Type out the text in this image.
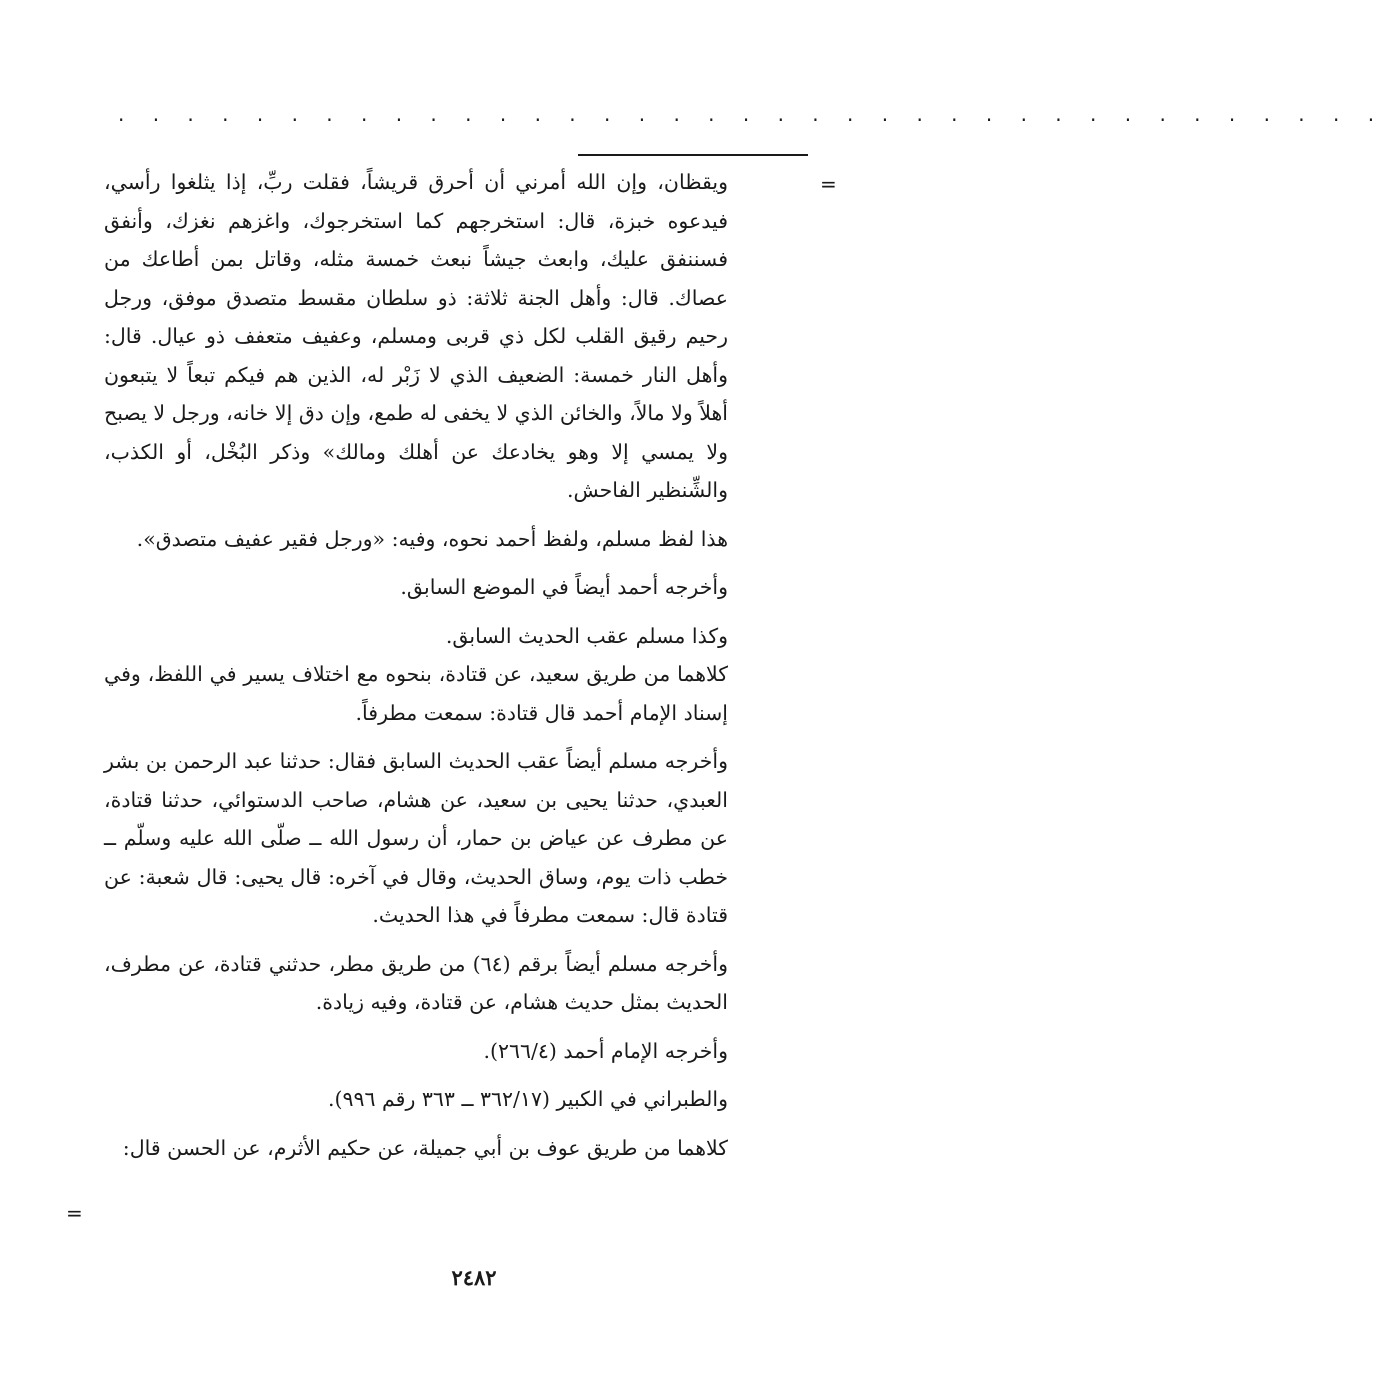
. . . . . . . . . . . . . . . . . . . . . . . . . . . . . . . . . . . . .
=

ويقظان، وإن الله أمرني أن أحرق قريشاً، فقلت ربِّ، إذا يثلغوا رأسي، فيدعوه خبزة، قال: استخرجهم كما استخرجوك، واغزهم نغزك، وأنفق فسننفق عليك، وابعث جيشاً نبعث خمسة مثله، وقاتل بمن أطاعك من عصاك. قال: وأهل الجنة ثلاثة: ذو سلطان مقسط متصدق موفق، ورجل رحيم رقيق القلب لكل ذي قربى ومسلم، وعفيف متعفف ذو عيال. قال: وأهل النار خمسة: الضعيف الذي لا زَبْر له، الذين هم فيكم تبعاً لا يتبعون أهلاً ولا مالاً، والخائن الذي لا يخفى له طمع، وإن دق إلا خانه، ورجل لا يصبح ولا يمسي إلا وهو يخادعك عن أهلك ومالك» وذكر البُخْل، أو الكذب، والشِّنظير الفاحش.

هذا لفظ مسلم، ولفظ أحمد نحوه، وفيه: «ورجل فقير عفيف متصدق».

وأخرجه أحمد أيضاً في الموضع السابق.

وكذا مسلم عقب الحديث السابق.

كلاهما من طريق سعيد، عن قتادة، بنحوه مع اختلاف يسير في اللفظ، وفي إسناد الإمام أحمد قال قتادة: سمعت مطرفاً.

وأخرجه مسلم أيضاً عقب الحديث السابق فقال: حدثنا عبد الرحمن بن بشر العبدي، حدثنا يحيى بن سعيد، عن هشام، صاحب الدستوائي، حدثنا قتادة، عن مطرف عن عياض بن حمار، أن رسول الله ــ صلّى الله عليه وسلّم ــ خطب ذات يوم، وساق الحديث، وقال في آخره: قال يحيى: قال شعبة: عن قتادة قال: سمعت مطرفاً في هذا الحديث.

وأخرجه مسلم أيضاً برقم (٦٤) من طريق مطر، حدثني قتادة، عن مطرف، الحديث بمثل حديث هشام، عن قتادة، وفيه زيادة.

وأخرجه الإمام أحمد (٢٦٦/٤).

والطبراني في الكبير (٣٦٢/١٧ ــ ٣٦٣ رقم ٩٩٦).

كلاهما من طريق عوف بن أبي جميلة، عن حكيم الأثرم، عن الحسن قال:

=
٢٤٨٢
